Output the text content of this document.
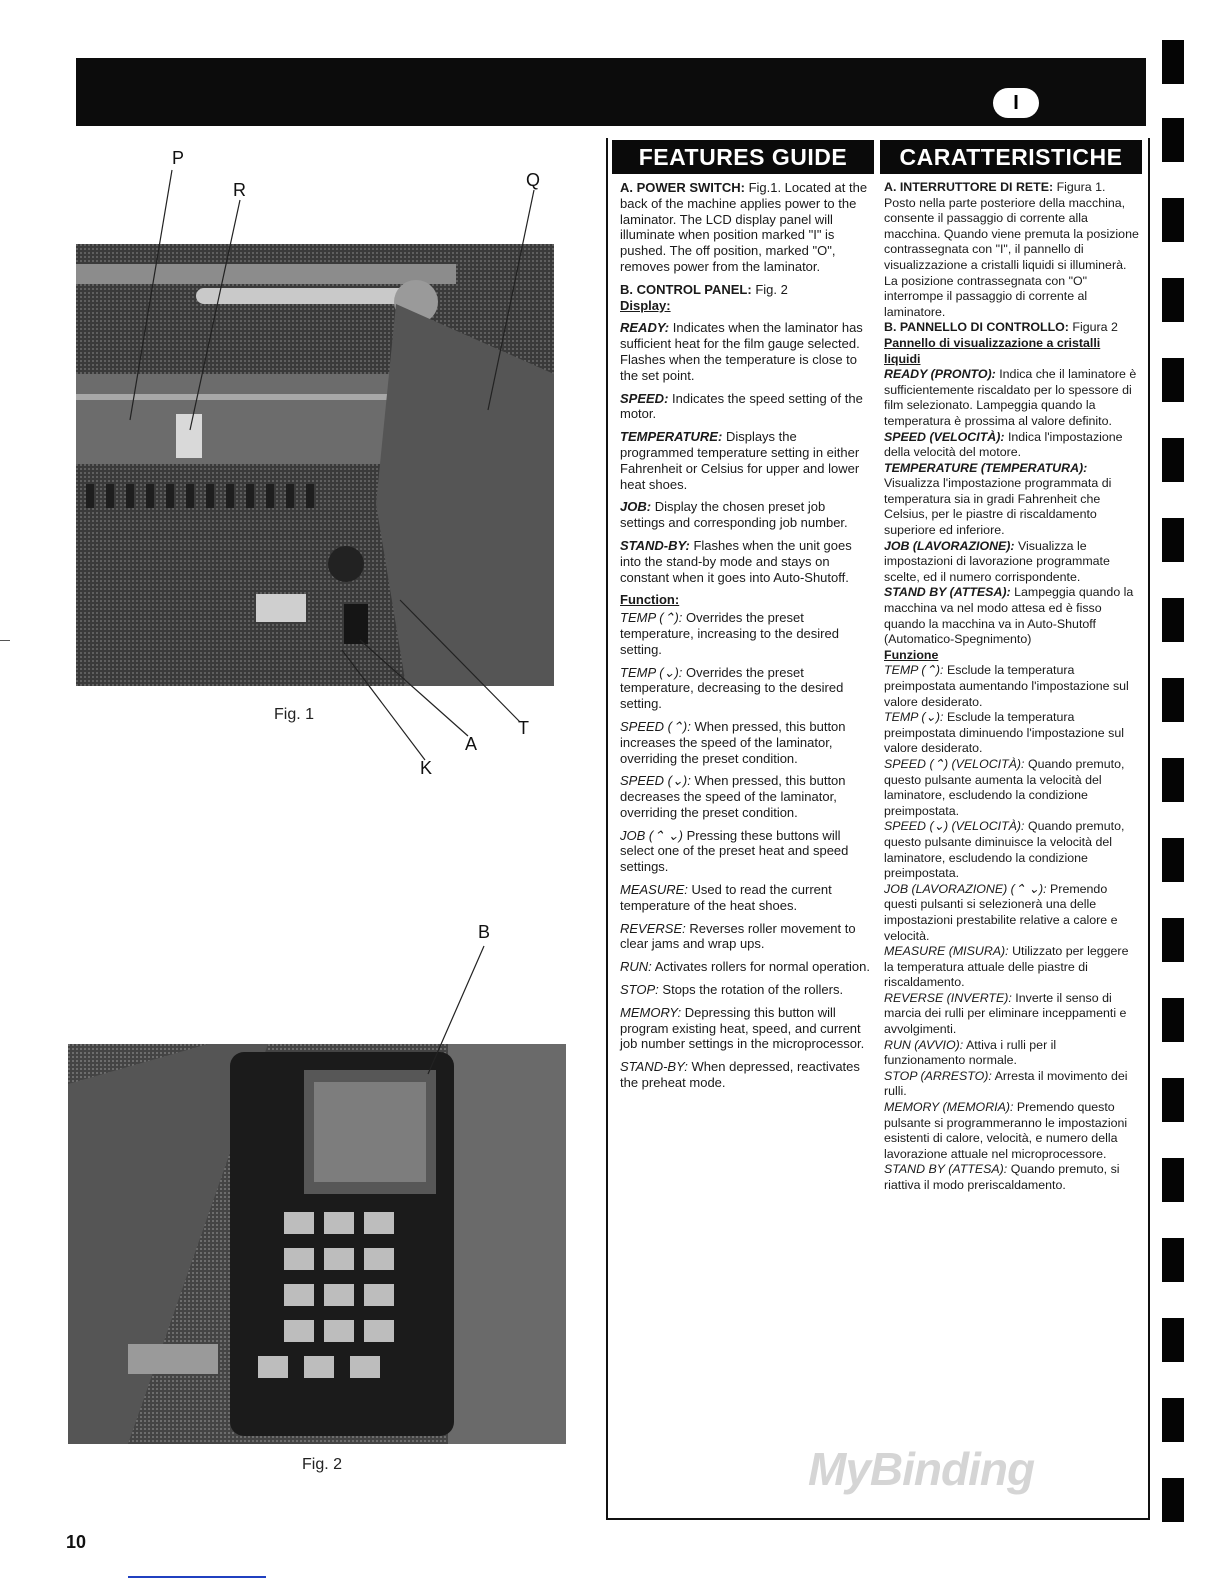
I
P
R	Q
A
T
K
Fig. 1
B
Fig. 2
FEATURES GUIDE	CARATTERISTICHE

A. POWER SWITCH: Fig.1. Located at the back of the machine applies power to the laminator. The LCD display panel will illuminate when position marked "I" is pushed. The off position, marked "O", removes power from the laminator.

B. CONTROL PANEL: Fig. 2

Display:

READY: Indicates when the laminator has sufficient heat for the film gauge selected. Flashes when the temperature is close to the set point.

SPEED: Indicates the speed setting of the motor.

TEMPERATURE: Displays the programmed temperature setting in either Fahrenheit or Celsius for upper and lower heat shoes.

JOB: Display the chosen preset job settings and corresponding job number.

STAND-BY: Flashes when the unit goes into the stand-by mode and stays on constant when it goes into Auto-Shutoff.

Function:

TEMP (⌃): Overrides the preset temperature, increasing to the desired setting.

TEMP (⌄): Overrides the preset temperature, decreasing to the desired setting.

SPEED (⌃): When pressed, this button increases the speed of the laminator, overriding the preset condition.

SPEED (⌄): When pressed, this button decreases the speed of the laminator, overriding the preset condition.

JOB (⌃ ⌄) Pressing these buttons will select one of the preset heat and speed settings.

MEASURE: Used to read the current temperature of the heat shoes.

REVERSE: Reverses roller movement to clear jams and wrap ups.

RUN: Activates rollers for normal operation.

STOP: Stops the rotation of the rollers.

MEMORY: Depressing this button will program existing heat, speed, and current job number settings in the microprocessor.

STAND-BY: When depressed, reactivates the preheat mode.

A. INTERRUTTORE DI RETE: Figura 1. Posto nella parte posteriore della macchina, consente il passaggio di corrente alla macchina. Quando viene premuta la posizione contrassegnata con "I", il pannello di visualizzazione a cristalli liquidi si illuminerà. La posizione contrassegnata con "O" interrompe il passaggio di corrente al laminatore.

B. PANNELLO DI CONTROLLO: Figura 2

Pannello di visualizzazione a cristalli liquidi

READY (PRONTO): Indica che il laminatore è sufficientemente riscaldato per lo spessore di film selezionato. Lampeggia quando la temperatura è prossima al valore definito.

SPEED (VELOCITÀ): Indica l'impostazione della velocità del motore.

TEMPERATURE (TEMPERATURA): Visualizza l'impostazione programmata di temperatura sia in gradi Fahrenheit che Celsius, per le piastre di riscaldamento superiore ed inferiore.

JOB (LAVORAZIONE): Visualizza le impostazioni di lavorazione programmate scelte, ed il numero corrispondente.

STAND BY (ATTESA): Lampeggia quando la macchina va nel modo attesa ed è fisso quando la macchina va in Auto-Shutoff (Automatico-Spegnimento)

Funzione

TEMP (⌃): Esclude la temperatura preimpostata aumentando l'impostazione sul valore desiderato.

TEMP (⌄): Esclude la temperatura preimpostata diminuendo l'impostazione sul valore desiderato.

SPEED (⌃) (VELOCITÀ): Quando premuto, questo pulsante aumenta la velocità del laminatore, escludendo la condizione preimpostata.

SPEED (⌄) (VELOCITÀ): Quando premuto, questo pulsante diminuisce la velocità del laminatore, escludendo la condizione preimpostata.

JOB (LAVORAZIONE) (⌃ ⌄): Premendo questi pulsanti si selezionerà una delle impostazioni prestabilite relative a calore e velocità.

MEASURE (MISURA): Utilizzato per leggere la temperatura attuale delle piastre di riscaldamento.

REVERSE (INVERTE): Inverte il senso di marcia dei rulli per eliminare inceppamenti e avvolgimenti.

RUN (AVVIO): Attiva i rulli per il funzionamento normale.

STOP (ARRESTO): Arresta il movimento dei rulli.

MEMORY (MEMORIA): Premendo questo pulsante si programmeranno le impostazioni esistenti di calore, velocità, e numero della lavorazione attuale nel microprocessore.

STAND BY (ATTESA): Quando premuto, si riattiva il modo preriscaldamento.

MyBinding
10
